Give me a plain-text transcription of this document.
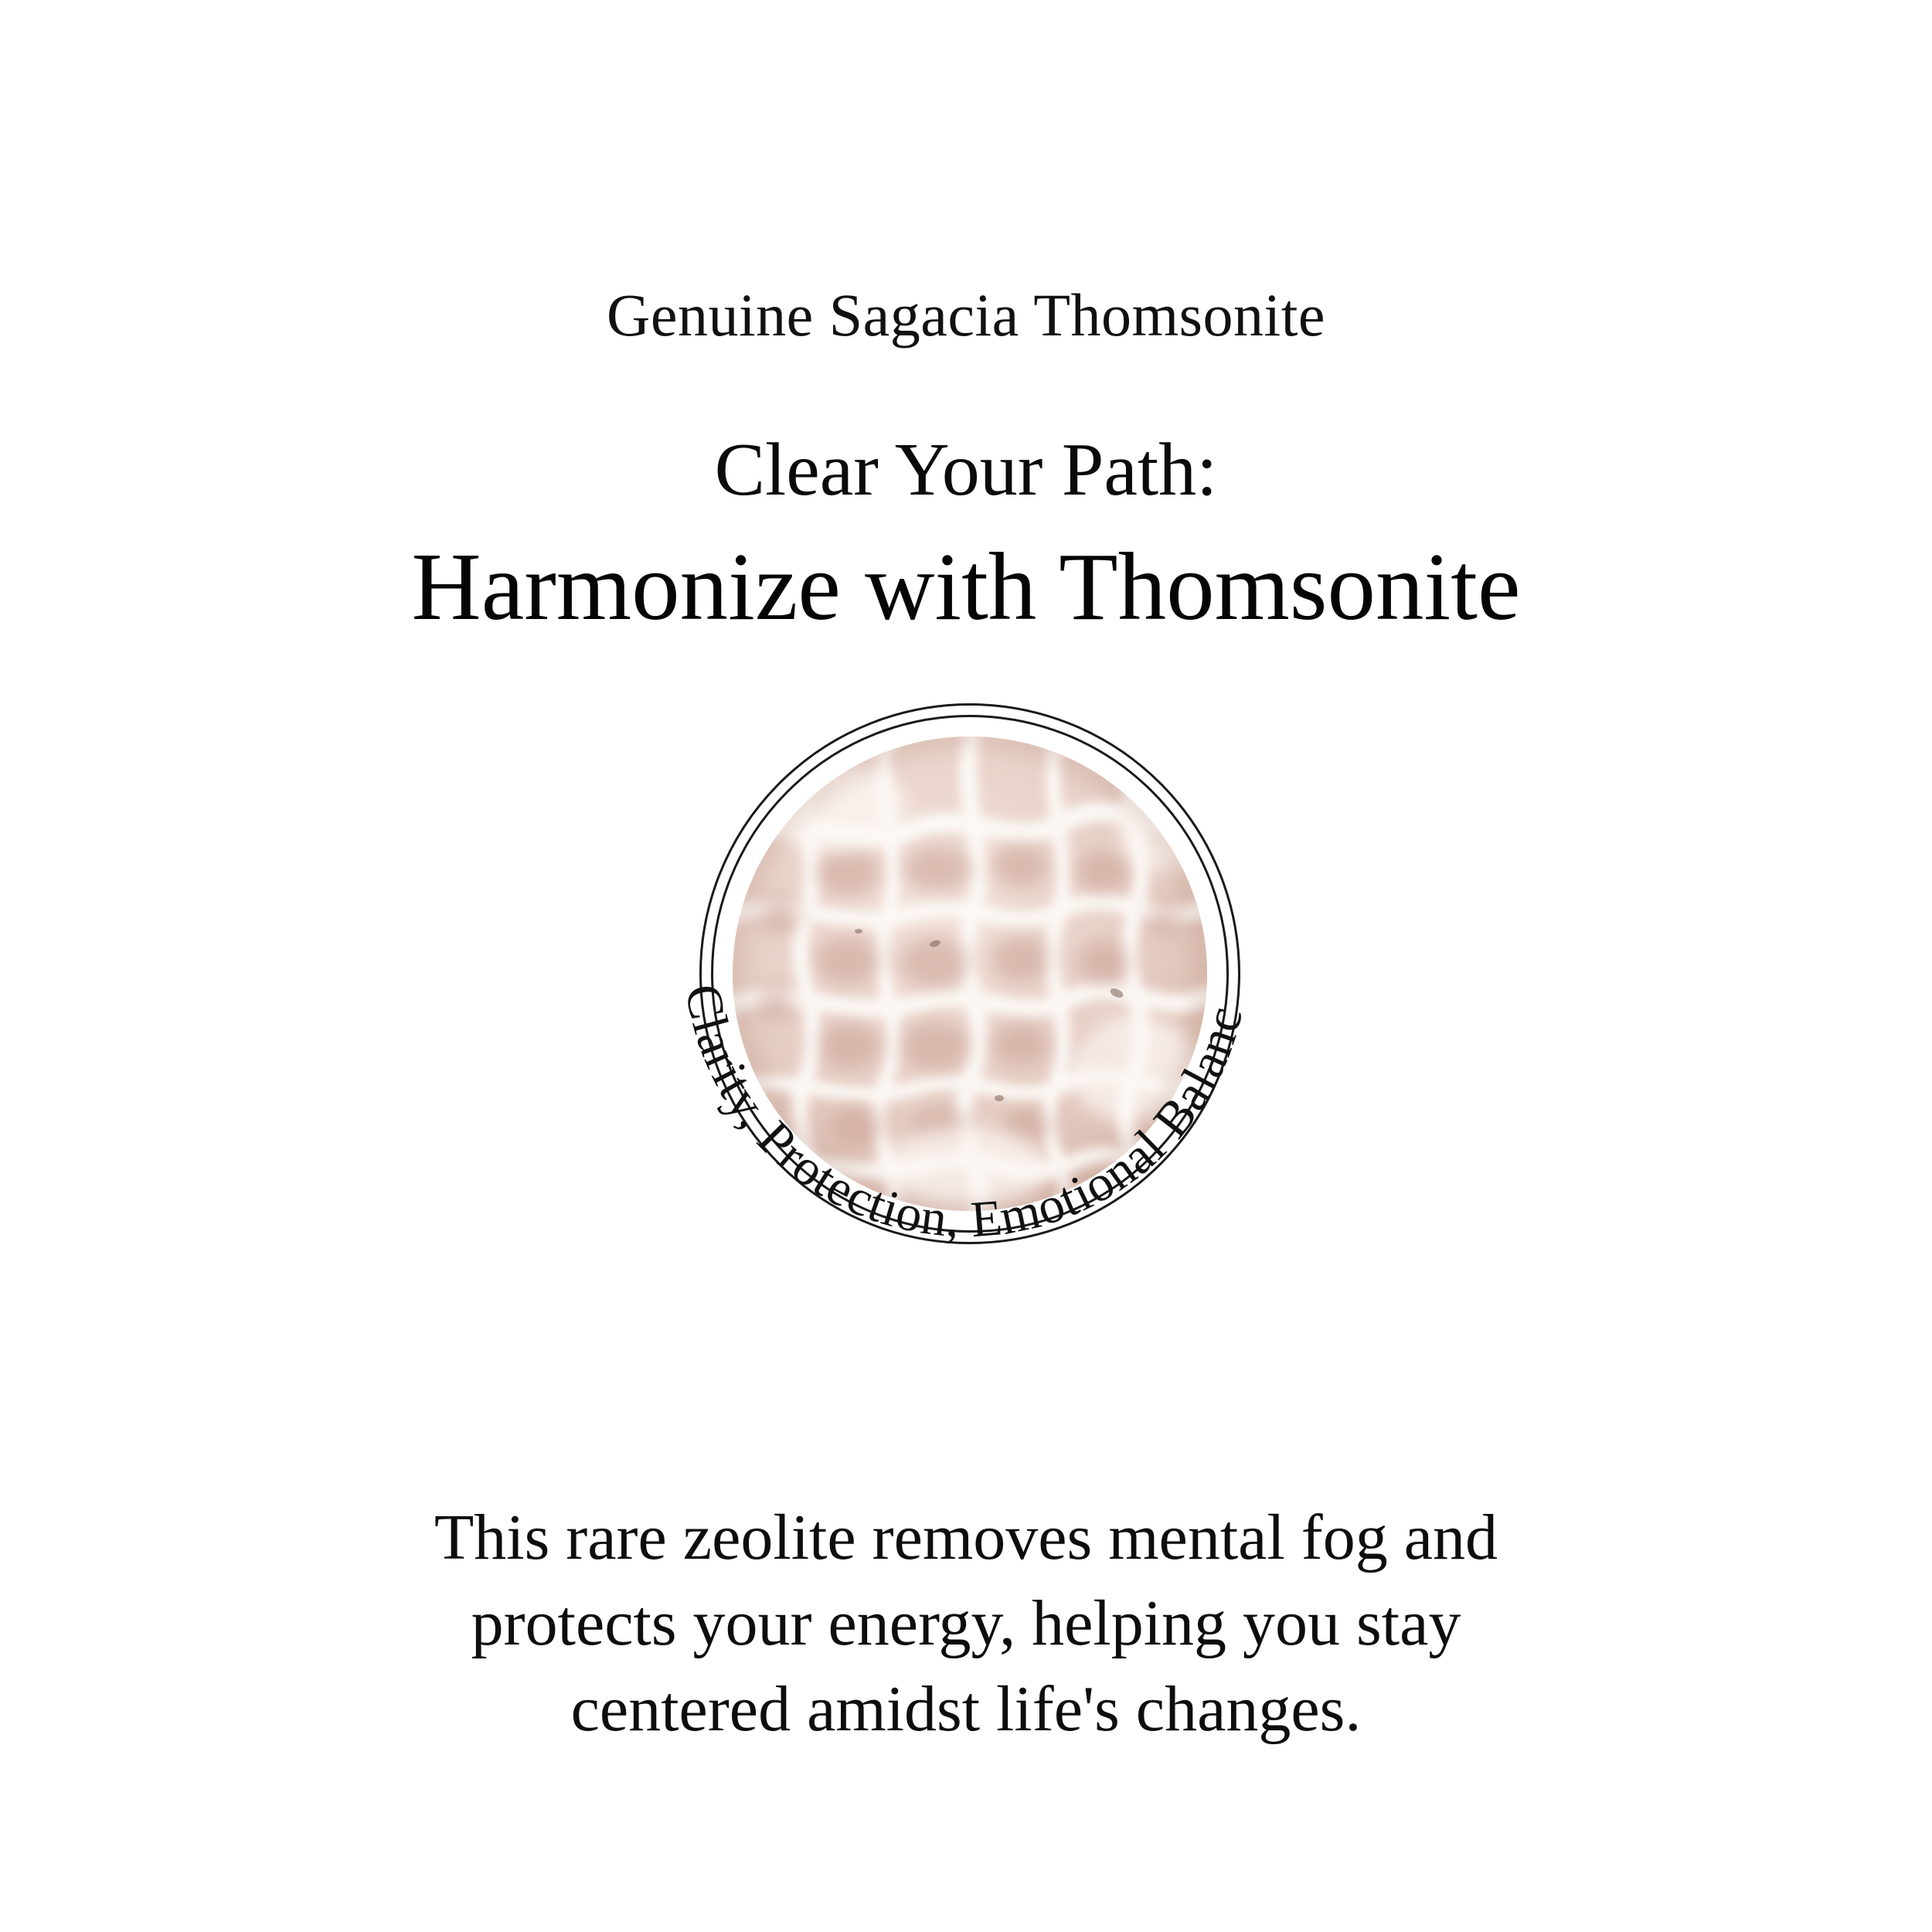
Genuine Sagacia Thomsonite
Clear Your Path:
Harmonize with Thomsonite
Clarity, Protection, Emotional Balance
This rare zeolite removes mental fog and
protects your energy, helping you stay
centered amidst life's changes.
